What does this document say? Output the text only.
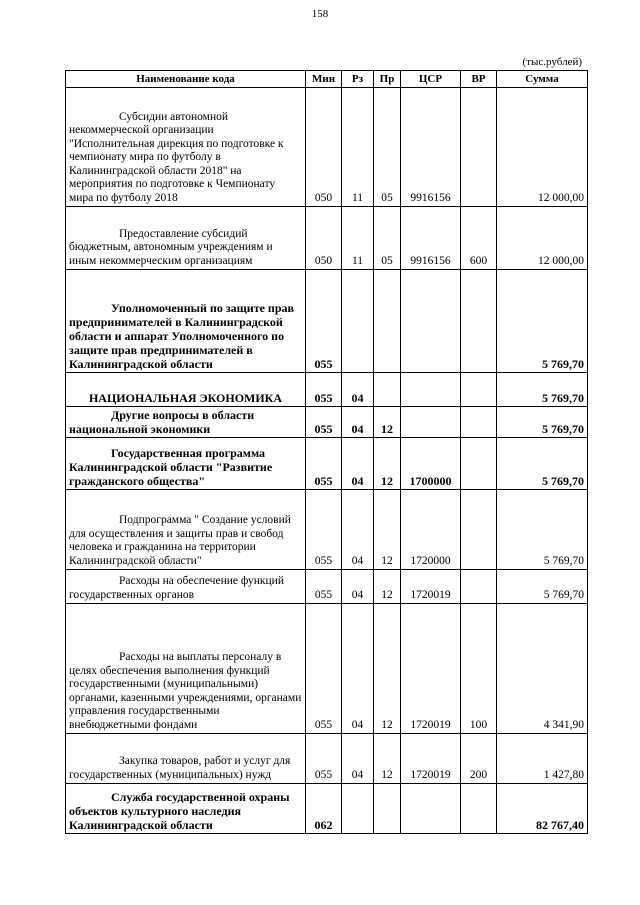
158
(тыс.рублей)
Наименование кода	Мин	Рз	Пр	ЦСР	ВР	Сумма
Субсидии автономной некоммерческой организации "Исполнительная дирекция по подготовке к чемпионату мира по футболу в Калининградской области 2018" на мероприятия по подготовке к Чемпионату мира по футболу 2018	050	11	05	9916156		12 000,00
Предоставление субсидий бюджетным, автономным учреждениям и иным некоммерческим организациям	050	11	05	9916156	600	12 000,00
Уполномоченный по защите прав предпринимателей в Калининградской области и аппарат Уполномоченного по защите прав предпринимателей в Калининградской области	055					5 769,70
НАЦИОНАЛЬНАЯ ЭКОНОМИКА	055	04				5 769,70
Другие вопросы в области национальной экономики	055	04	12			5 769,70
Государственная программа Калининградской области "Развитие гражданского общества"	055	04	12	1700000		5 769,70
Подпрограмма " Создание условий для осуществления и защиты прав и свобод человека и гражданина на территории Калининградской области"	055	04	12	1720000		5 769,70
Расходы на обеспечение функций государственных органов	055	04	12	1720019		5 769,70
Расходы на выплаты персоналу в целях обеспечения выполнения функций государственными (муниципальными) органами, казенными учреждениями, органами управления государственными внебюджетными фондами	055	04	12	1720019	100	4 341,90
Закупка товаров, работ и услуг для государственных (муниципальных) нужд	055	04	12	1720019	200	1 427,80
Служба государственной охраны объектов культурного наследия Калининградской области	062					82 767,40
